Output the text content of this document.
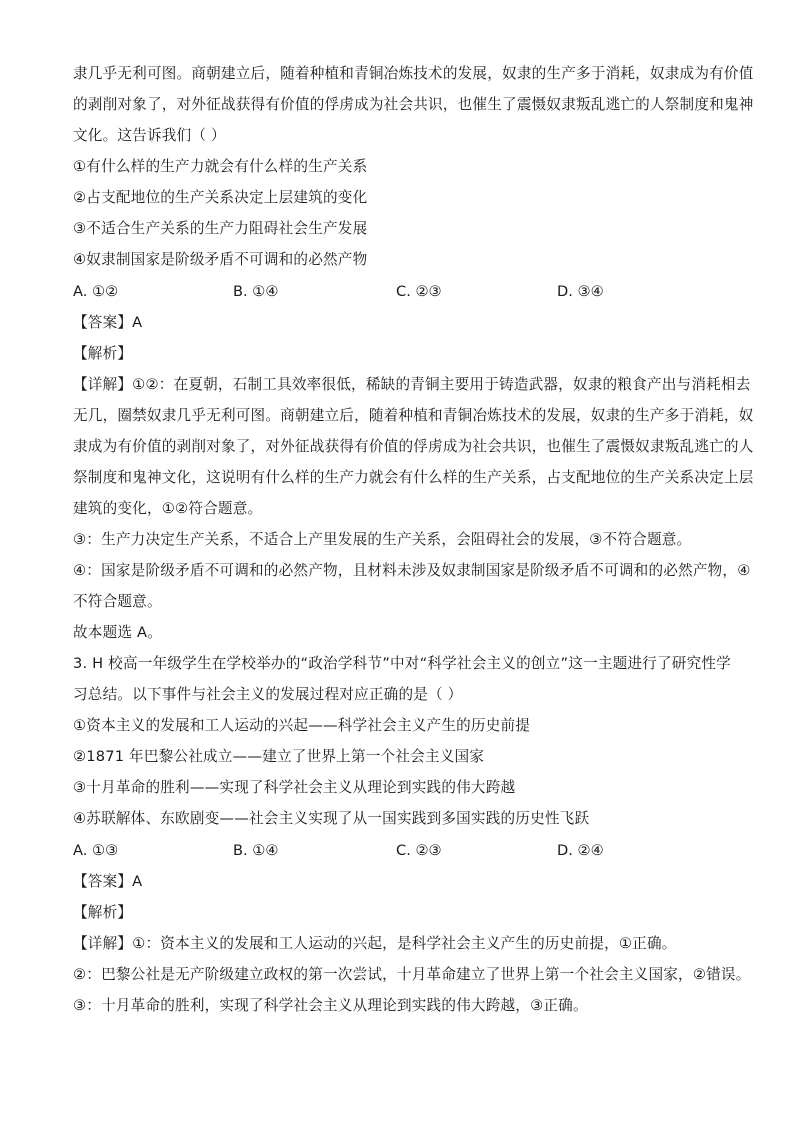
隶几乎无利可图。商朝建立后，随着种植和青铜冶炼技术的发展，奴隶的生产多于消耗，奴隶成为有价值
的剥削对象了，对外征战获得有价值的俘虏成为社会共识，也催生了震慑奴隶叛乱逃亡的人祭制度和鬼神
文化。这告诉我们（ ）
①有什么样的生产力就会有什么样的生产关系
②占支配地位的生产关系决定上层建筑的变化
③不适合生产关系的生产力阻碍社会生产发展
④奴隶制国家是阶级矛盾不可调和的必然产物
A. ①②	B. ①④	C. ②③	D. ③④
【答案】A
【解析】
【详解】①②：在夏朝，石制工具效率很低，稀缺的青铜主要用于铸造武器，奴隶的粮食产出与消耗相去
无几，圈禁奴隶几乎无利可图。商朝建立后，随着种植和青铜冶炼技术的发展，奴隶的生产多于消耗，奴
隶成为有价值的剥削对象了，对外征战获得有价值的俘虏成为社会共识，也催生了震慑奴隶叛乱逃亡的人
祭制度和鬼神文化，这说明有什么样的生产力就会有什么样的生产关系，占支配地位的生产关系决定上层
建筑的变化，①②符合题意。
③：生产力决定生产关系，不适合上产里发展的生产关系，会阻碍社会的发展，③不符合题意。
④：国家是阶级矛盾不可调和的必然产物，且材料未涉及奴隶制国家是阶级矛盾不可调和的必然产物，④
不符合题意。
故本题选 A。
3. H 校高一年级学生在学校举办的“政治学科节”中对“科学社会主义的创立”这一主题进行了研究性学
习总结。以下事件与社会主义的发展过程对应正确的是（ ）
①资本主义的发展和工人运动的兴起——科学社会主义产生的历史前提
②1871 年巴黎公社成立——建立了世界上第一个社会主义国家
③十月革命的胜利——实现了科学社会主义从理论到实践的伟大跨越
④苏联解体、东欧剧变——社会主义实现了从一国实践到多国实践的历史性飞跃
A. ①③	B. ①④	C. ②③	D. ②④
【答案】A
【解析】
【详解】①：资本主义的发展和工人运动的兴起，是科学社会主义产生的历史前提，①正确。
②：巴黎公社是无产阶级建立政权的第一次尝试，十月革命建立了世界上第一个社会主义国家，②错误。
③：十月革命的胜利，实现了科学社会主义从理论到实践的伟大跨越，③正确。
